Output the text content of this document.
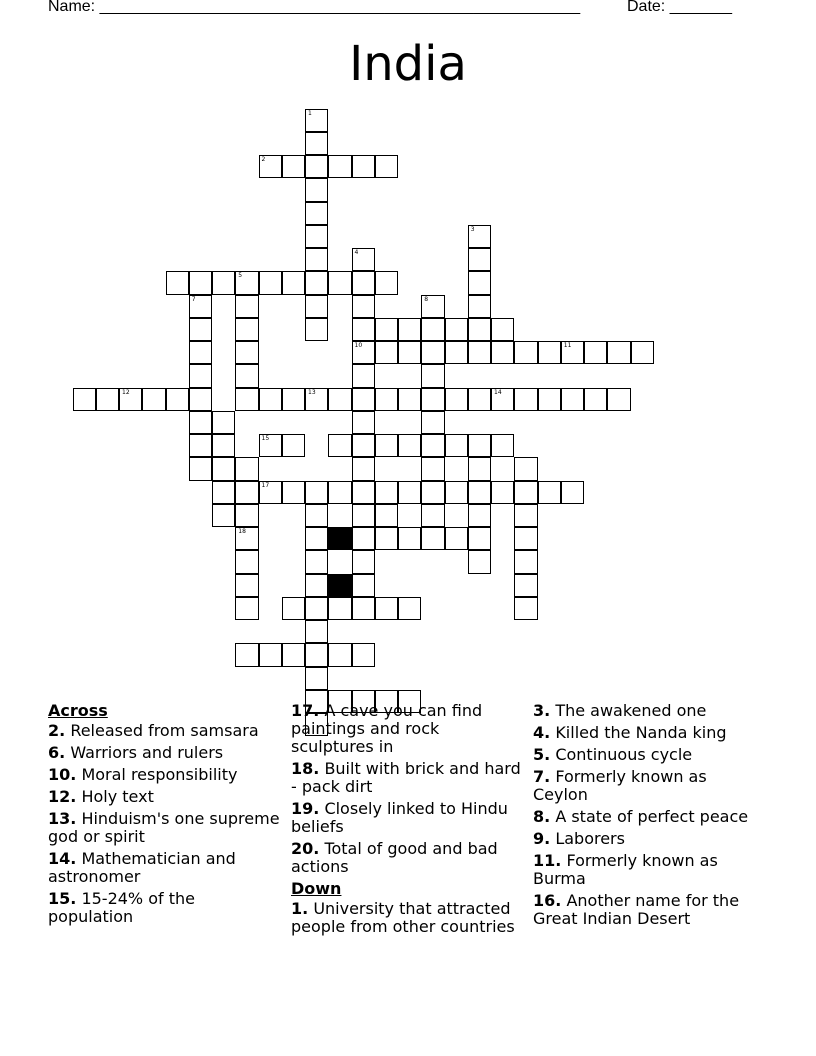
Name: ______________________________________________________	Date: _______
India
1
2
3
4
10
5
7	8
11
12	13	14
15
18
17
Across
2. Released from samsara
6. Warriors and rulers
10. Moral responsibility
12. Holy text
13. Hinduism's one supreme god or spirit
14. Mathematician and astronomer
15. 15-24% of the population
17. A cave you can find paintings and rock sculptures in
18. Built with brick and hard - pack dirt
19. Closely linked to Hindu beliefs
20. Total of good and bad actions
Down
1. University that attracted people from other countries
3. The awakened one
4. Killed the Nanda king
5. Continuous cycle
7. Formerly known as Ceylon
8. A state of perfect peace
9. Laborers
11. Formerly known as Burma
16. Another name for the Great Indian Desert
